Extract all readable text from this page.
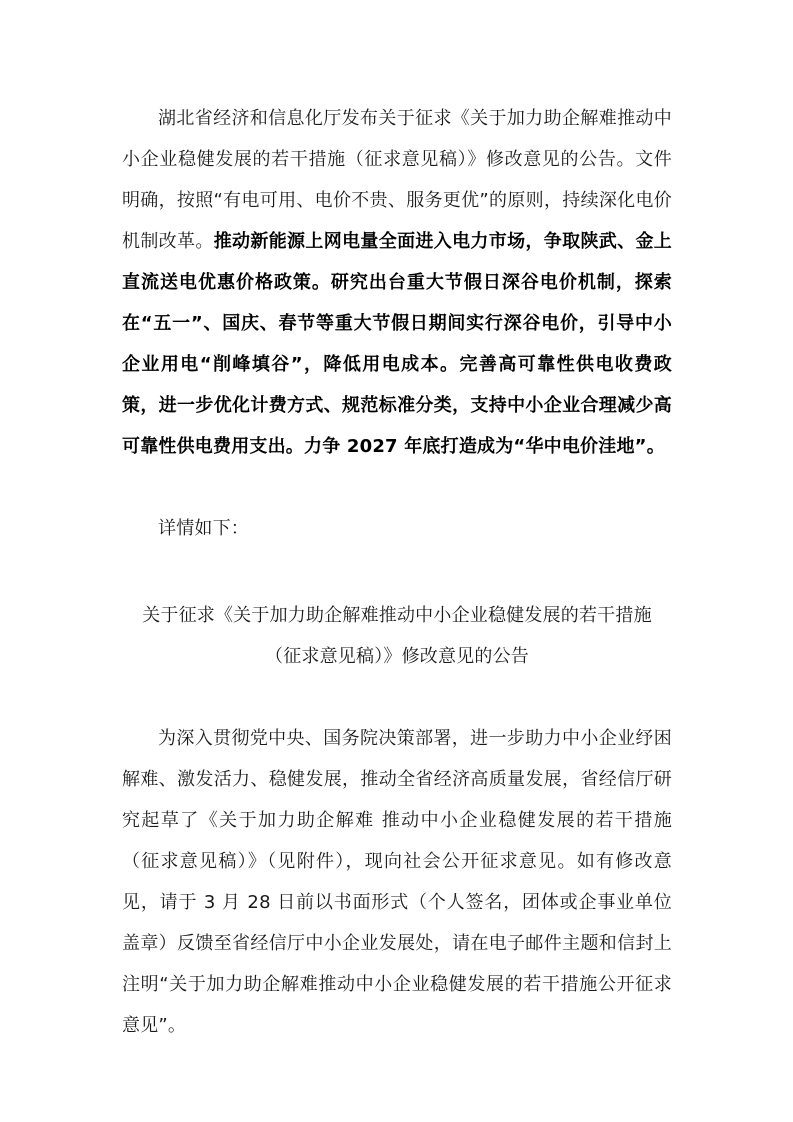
湖北省经济和信息化厅发布关于征求《关于加力助企解难推动中小企业稳健发展的若干措施（征求意见稿）》修改意见的公告。文件明确，按照“有电可用、电价不贵、服务更优”的原则，持续深化电价机制改革。推动新能源上网电量全面进入电力市场，争取陕武、金上直流送电优惠价格政策。研究出台重大节假日深谷电价机制，探索在“五一”、国庆、春节等重大节假日期间实行深谷电价，引导中小企业用电“削峰填谷”，降低用电成本。完善高可靠性供电收费政策，进一步优化计费方式、规范标准分类，支持中小企业合理减少高可靠性供电费用支出。力争 2027 年底打造成为“华中电价洼地”。

详情如下：

关于征求《关于加力助企解难推动中小企业稳健发展的若干措施

（征求意见稿）》修改意见的公告

为深入贯彻党中央、国务院决策部署，进一步助力中小企业纾困解难、激发活力、稳健发展，推动全省经济高质量发展，省经信厅研究起草了《关于加力助企解难 推动中小企业稳健发展的若干措施（征求意见稿）》（见附件），现向社会公开征求意见。如有修改意见，请于 3 月 28 日前以书面形式（个人签名，团体或企事业单位盖章）反馈至省经信厅中小企业发展处，请在电子邮件主题和信封上注明“关于加力助企解难推动中小企业稳健发展的若干措施公开征求意见”。
